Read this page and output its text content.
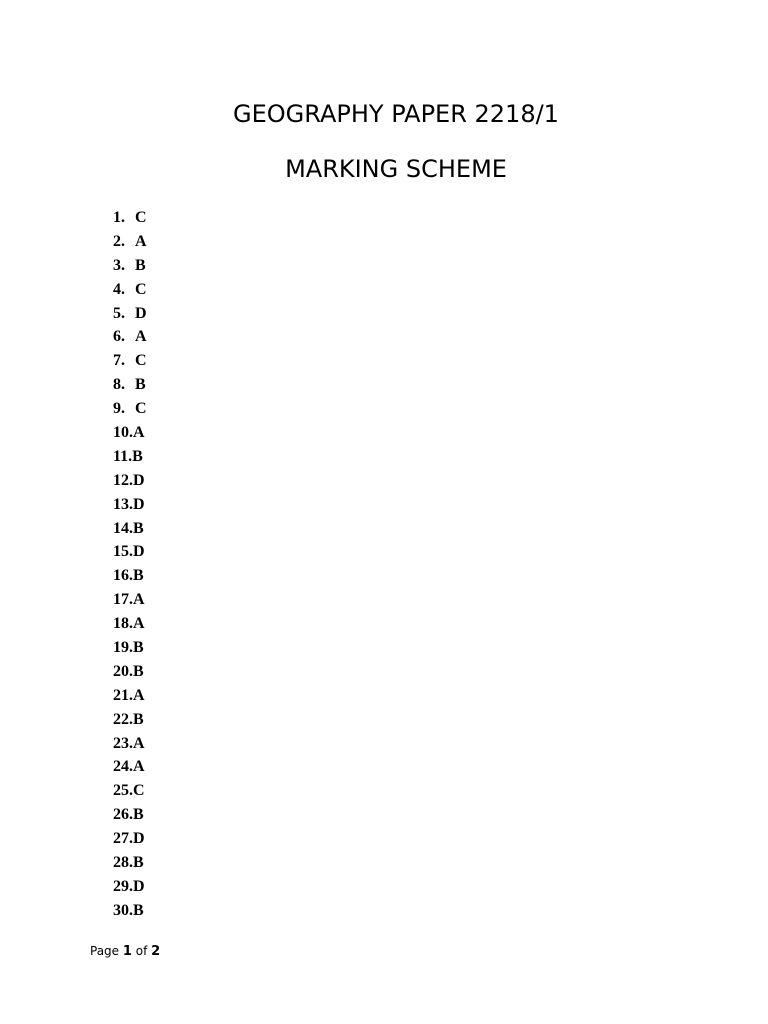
GEOGRAPHY PAPER 2218/1
MARKING SCHEME
1. C
2. A
3. B
4. C
5. D
6. A
7. C
8. B
9. C
10. A
11. B
12. D
13. D
14. B
15. D
16. B
17. A
18. A
19. B
20. B
21. A
22. B
23. A
24. A
25. C
26. B
27. D
28. B
29. D
30. B
Page 1 of 2
